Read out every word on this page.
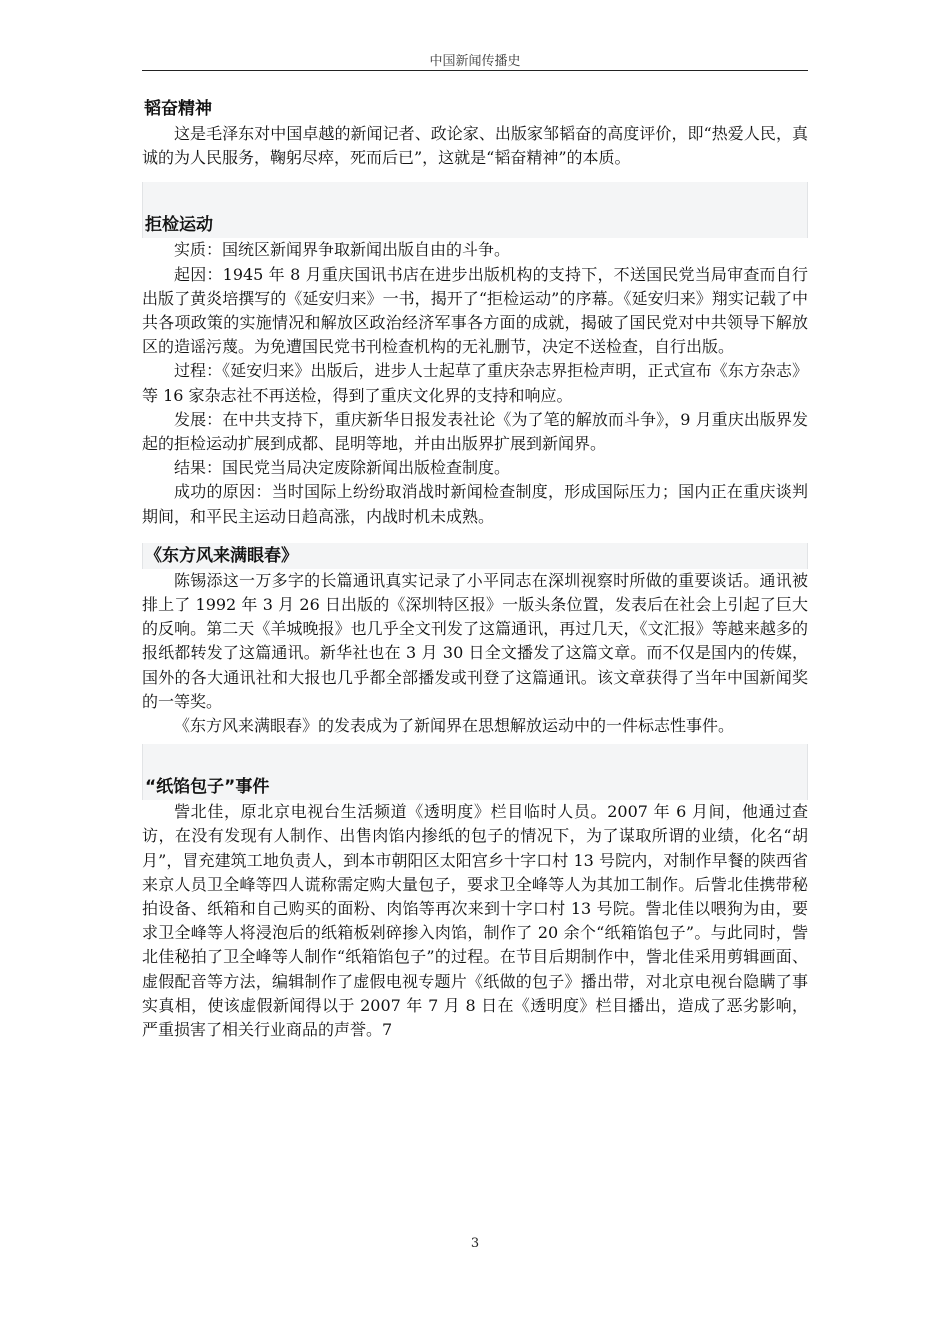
中国新闻传播史
韬奋精神

这是毛泽东对中国卓越的新闻记者、政论家、出版家邹韬奋的高度评价，即“热爱人民，真诚的为人民服务，鞠躬尽瘁，死而后已”，这就是“韬奋精神”的本质。

拒检运动

实质：国统区新闻界争取新闻出版自由的斗争。

起因：1945 年 8 月重庆国讯书店在进步出版机构的支持下，不送国民党当局审查而自行出版了黄炎培撰写的《延安归来》一书，揭开了“拒检运动”的序幕。《延安归来》翔实记载了中共各项政策的实施情况和解放区政治经济军事各方面的成就，揭破了国民党对中共领导下解放区的造谣污蔑。为免遭国民党书刊检查机构的无礼删节，决定不送检查，自行出版。

过程：《延安归来》出版后，进步人士起草了重庆杂志界拒检声明，正式宣布《东方杂志》等 16 家杂志社不再送检，得到了重庆文化界的支持和响应。

发展：在中共支持下，重庆新华日报发表社论《为了笔的解放而斗争》，9 月重庆出版界发起的拒检运动扩展到成都、昆明等地，并由出版界扩展到新闻界。

结果：国民党当局决定废除新闻出版检查制度。

成功的原因：当时国际上纷纷取消战时新闻检查制度，形成国际压力；国内正在重庆谈判期间，和平民主运动日趋高涨，内战时机未成熟。

《东方风来满眼春》

陈锡添这一万多字的长篇通讯真实记录了小平同志在深圳视察时所做的重要谈话。通讯被排上了 1992 年 3 月 26 日出版的《深圳特区报》一版头条位置，发表后在社会上引起了巨大的反响。第二天《羊城晚报》也几乎全文刊发了这篇通讯，再过几天，《文汇报》等越来越多的报纸都转发了这篇通讯。新华社也在 3 月 30 日全文播发了这篇文章。而不仅是国内的传媒，国外的各大通讯社和大报也几乎都全部播发或刊登了这篇通讯。该文章获得了当年中国新闻奖的一等奖。

《东方风来满眼春》的发表成为了新闻界在思想解放运动中的一件标志性事件。

“纸馅包子”事件

訾北佳，原北京电视台生活频道《透明度》栏目临时人员。2007 年 6 月间，他通过查访，在没有发现有人制作、出售肉馅内掺纸的包子的情况下，为了谋取所谓的业绩，化名“胡月”，冒充建筑工地负责人，到本市朝阳区太阳宫乡十字口村 13 号院内，对制作早餐的陕西省来京人员卫全峰等四人谎称需定购大量包子，要求卫全峰等人为其加工制作。后訾北佳携带秘拍设备、纸箱和自己购买的面粉、肉馅等再次来到十字口村 13 号院。訾北佳以喂狗为由，要求卫全峰等人将浸泡后的纸箱板剁碎掺入肉馅，制作了 20 余个“纸箱馅包子”。与此同时，訾北佳秘拍了卫全峰等人制作“纸箱馅包子”的过程。在节目后期制作中，訾北佳采用剪辑画面、虚假配音等方法，编辑制作了虚假电视专题片《纸做的包子》播出带，对北京电视台隐瞒了事实真相，使该虚假新闻得以于 2007 年 7 月 8 日在《透明度》栏目播出，造成了恶劣影响，严重损害了相关行业商品的声誉。7

3
